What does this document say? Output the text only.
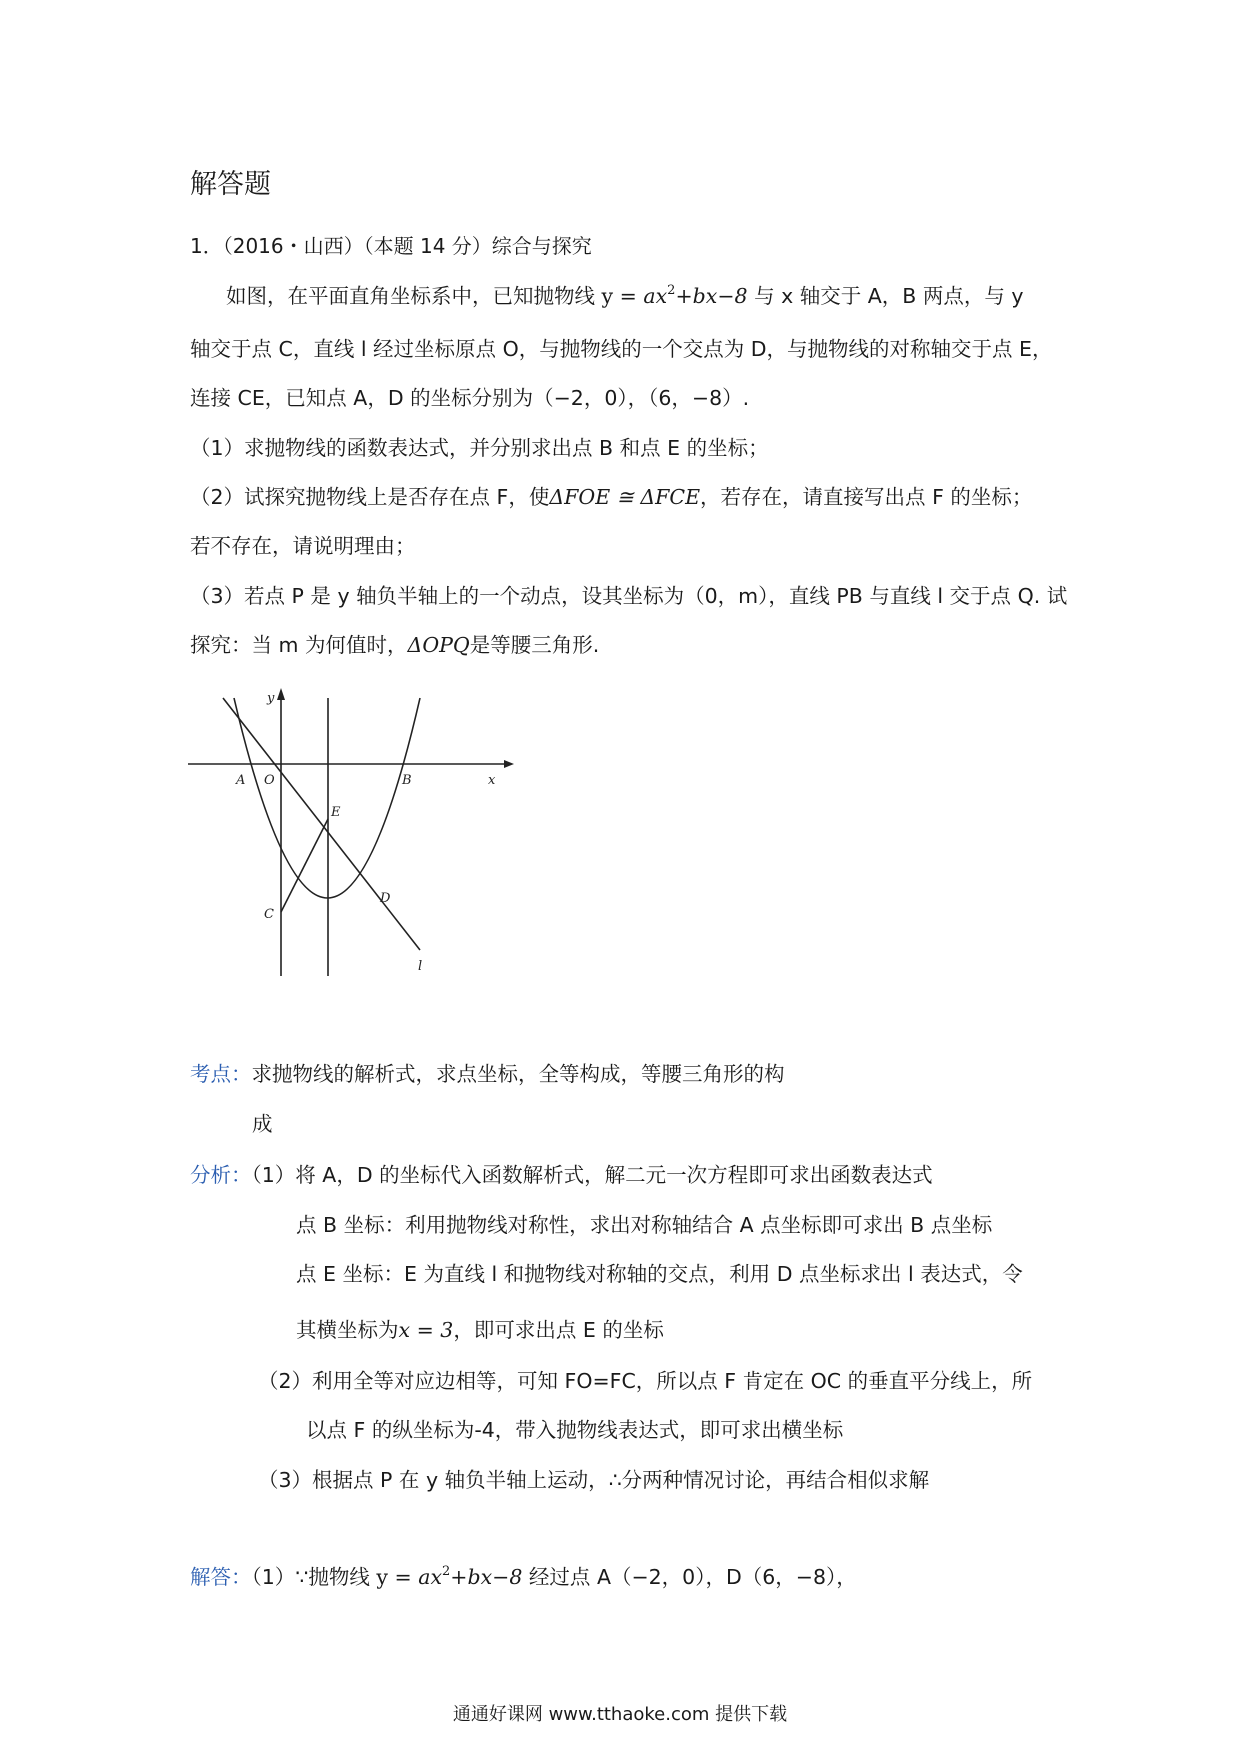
解答题
1．（2016・山西）（本题 14 分）综合与探究
如图，在平面直角坐标系中，已知抛物线 $y = ax^2+bx-8$ 与 x 轴交于 A，B 两点，与 y
轴交于点 C，直线 l 经过坐标原点 O，与抛物线的一个交点为 D，与抛物线的对称轴交于点 E，
连接 CE，已知点 A，D 的坐标分别为（−2，0），（6，−8）.
（1）求抛物线的函数表达式，并分别求出点 B 和点 E 的坐标；
（2）试探究抛物线上是否存在点 F，使ΔFOE ≅ ΔFCE，若存在，请直接写出点 F 的坐标；
若不存在，请说明理由；
（3）若点 P 是 y 轴负半轴上的一个动点，设其坐标为（0，m），直线 PB 与直线 l 交于点 Q. 试
探究：当 m 为何值时，ΔOPQ是等腰三角形.
y
x
A O	B
E
C
D
l
考点：求抛物线的解析式，求点坐标，全等构成，等腰三角形的构
成
分析：（1）将 A，D 的坐标代入函数解析式，解二元一次方程即可求出函数表达式
点 B 坐标：利用抛物线对称性，求出对称轴结合 A 点坐标即可求出 B 点坐标
点 E 坐标：E 为直线 l 和抛物线对称轴的交点，利用 D 点坐标求出 l 表达式，令
其横坐标为x = 3，即可求出点 E 的坐标
（2）利用全等对应边相等，可知 FO=FC，所以点 F 肯定在 OC 的垂直平分线上，所
以点 F 的纵坐标为-4，带入抛物线表达式，即可求出横坐标
（3）根据点 P 在 y 轴负半轴上运动，∴分两种情况讨论，再结合相似求解
解答：（1）∵抛物线 $y = ax^2+bx-8$ 经过点 A（−2，0），D（6，−8），
通通好课网 www.tthaoke.com 提供下载
